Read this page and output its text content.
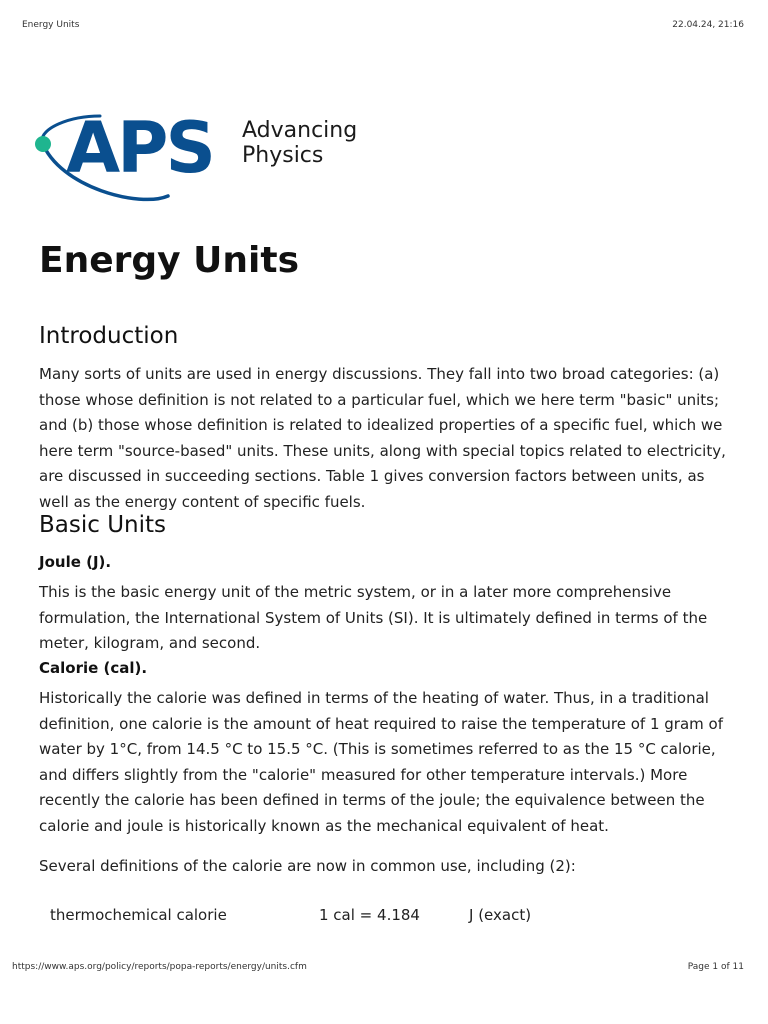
Energy Units	22.04.24, 21:16
APS Advancing
Physics
Energy Units
Introduction

Many sorts of units are used in energy discussions. They fall into two broad categories: (a) those whose definition is not related to a particular fuel, which we here term "basic" units; and (b) those whose definition is related to idealized properties of a specific fuel, which we here term "source-based" units. These units, along with special topics related to electricity, are discussed in succeeding sections. Table 1 gives conversion factors between units, as well as the energy content of specific fuels.

Basic Units
Joule (J).

This is the basic energy unit of the metric system, or in a later more comprehensive formulation, the International System of Units (SI). It is ultimately defined in terms of the meter, kilogram, and second.

Calorie (cal).

Historically the calorie was defined in terms of the heating of water. Thus, in a traditional definition, one calorie is the amount of heat required to raise the temperature of 1 gram of water by 1°C, from 14.5 °C to 15.5 °C. (This is sometimes referred to as the 15 °C calorie, and differs slightly from the "calorie" measured for other temperature intervals.) More recently the calorie has been defined in terms of the joule; the equivalence between the calorie and joule is historically known as the mechanical equivalent of heat.

Several definitions of the calorie are now in common use, including (2):

thermochemical calorie	1 cal = 4.184	J (exact)
https://www.aps.org/policy/reports/popa-reports/energy/units.cfm	Page 1 of 11
